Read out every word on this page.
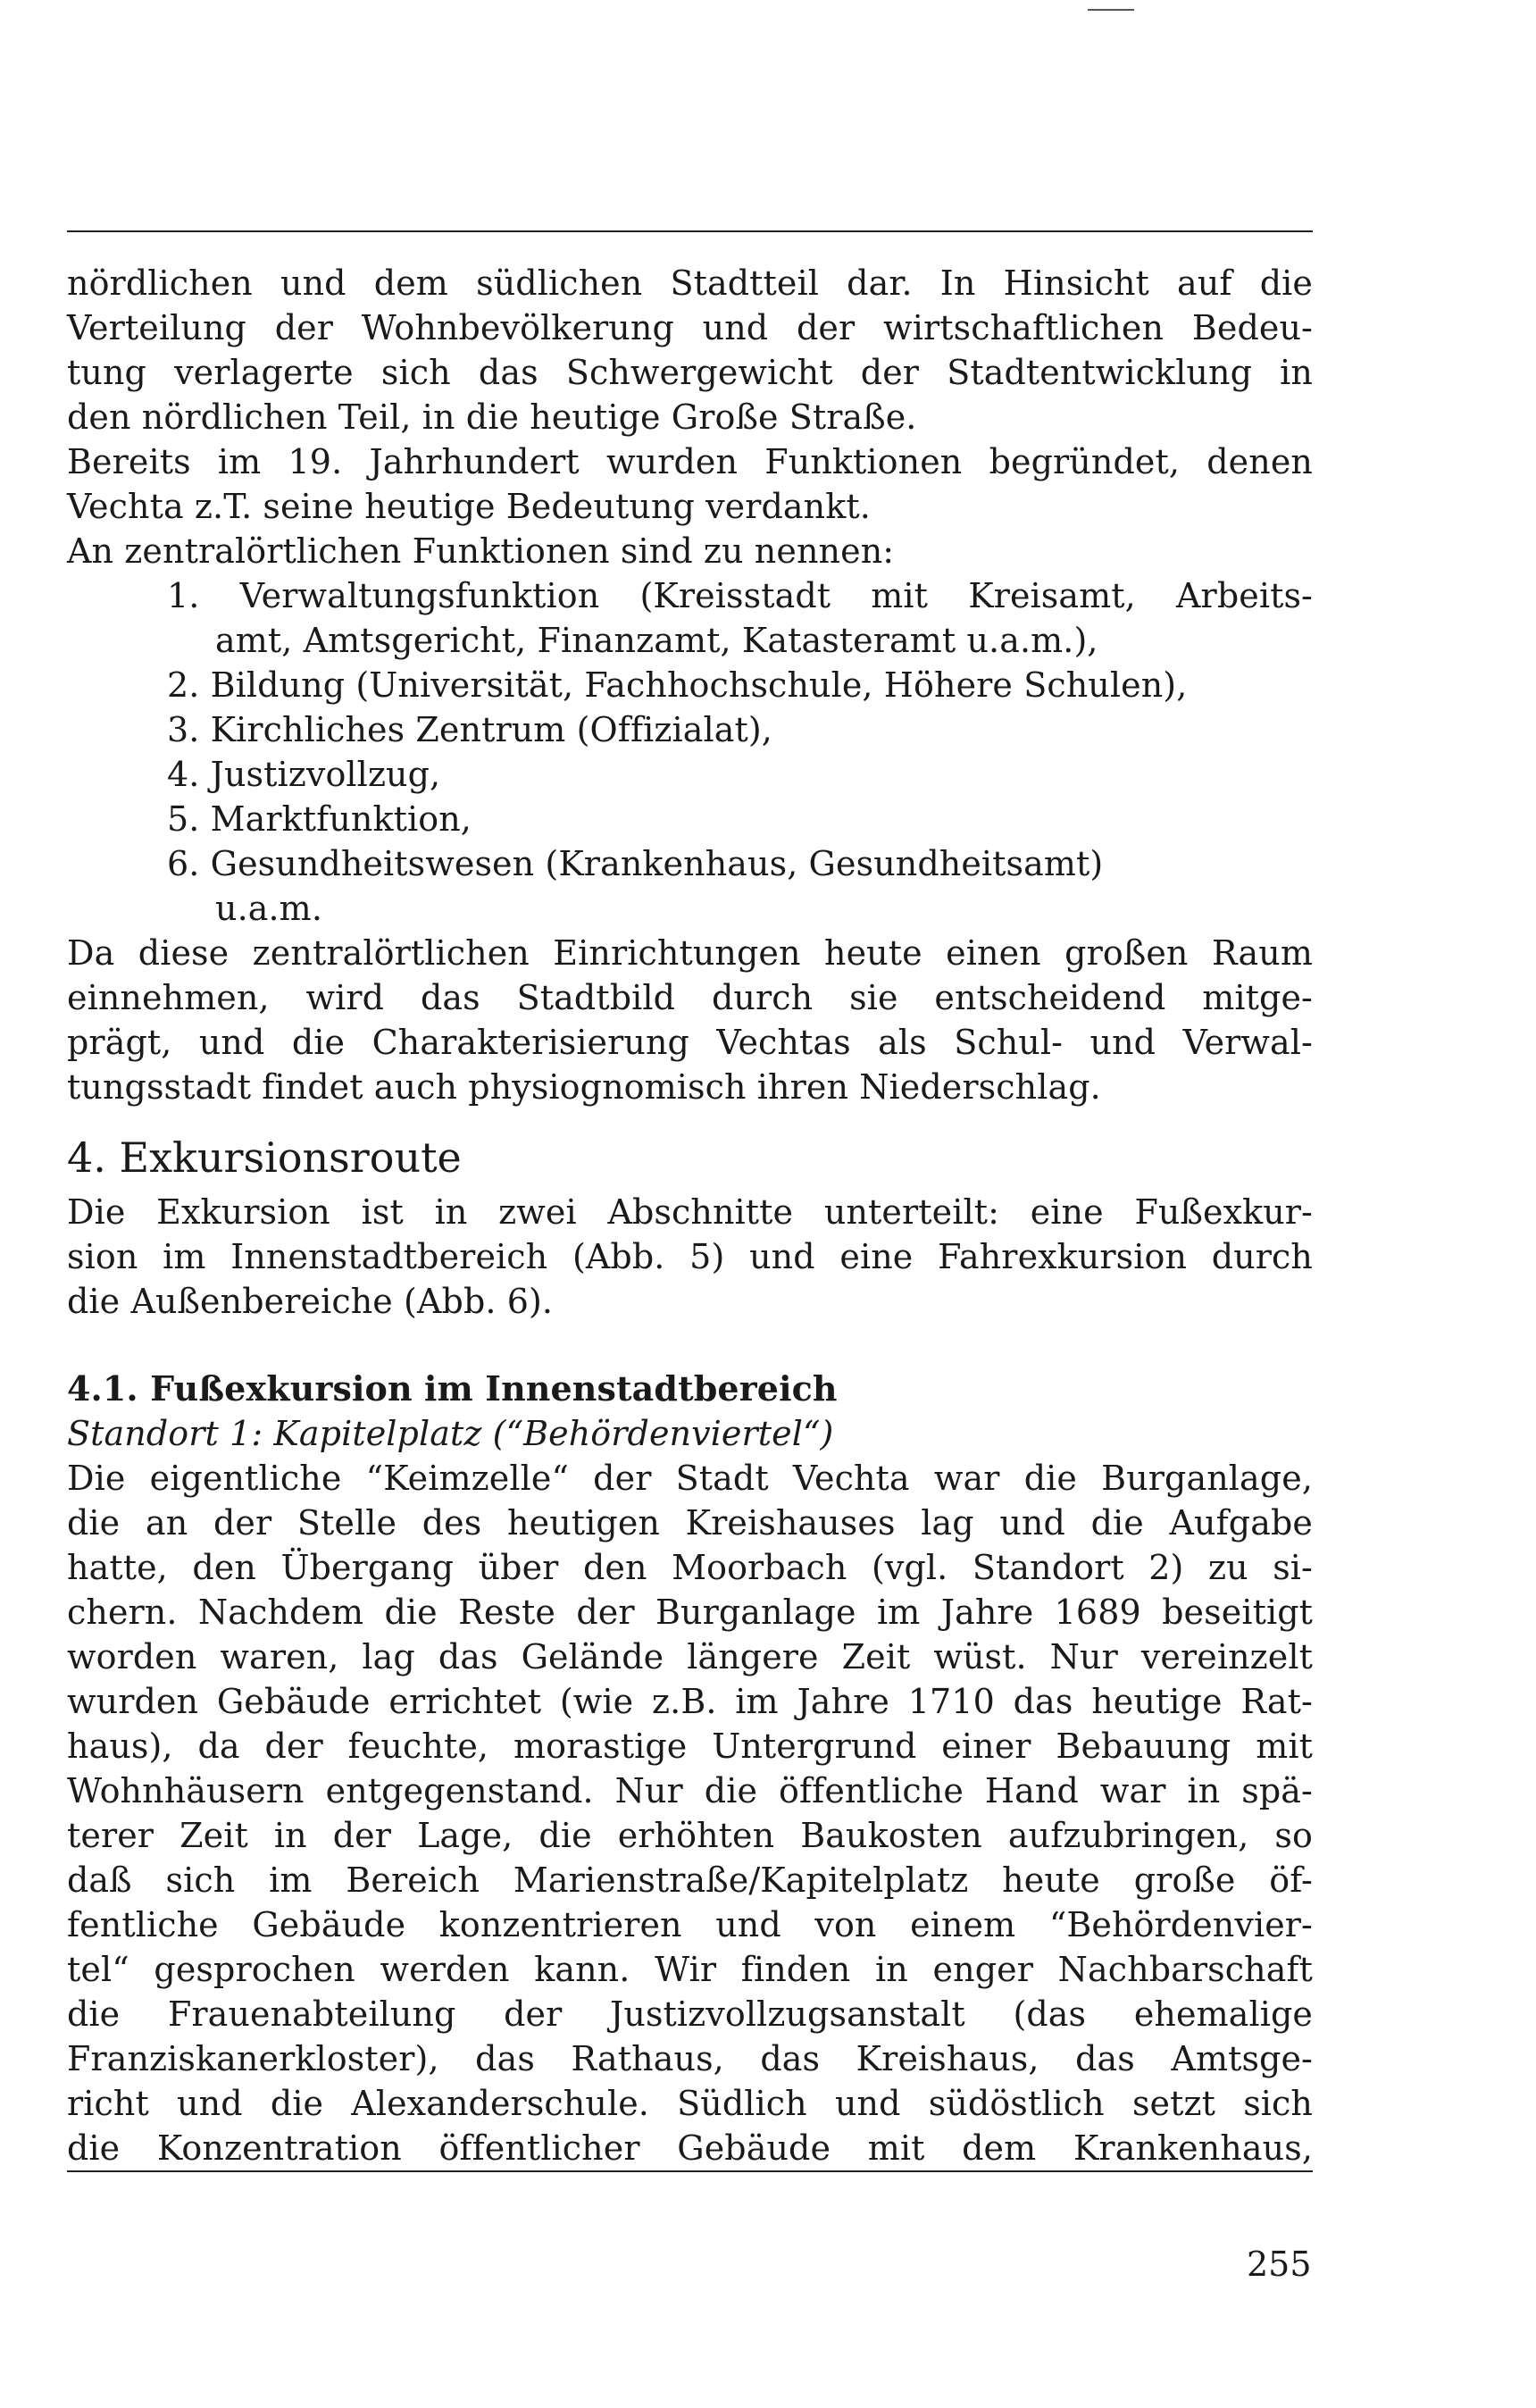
nördlichen und dem südlichen Stadtteil dar. In Hinsicht auf die
Verteilung der Wohnbevölkerung und der wirtschaftlichen Bedeu-
tung verlagerte sich das Schwergewicht der Stadtentwicklung in
den nördlichen Teil, in die heutige Große Straße.
Bereits im 19. Jahrhundert wurden Funktionen begründet, denen
Vechta z.T. seine heutige Bedeutung verdankt.
An zentralörtlichen Funktionen sind zu nennen:
1. Verwaltungsfunktion (Kreisstadt mit Kreisamt, Arbeits-
amt, Amtsgericht, Finanzamt, Katasteramt u.a.m.),
2. Bildung (Universität, Fachhochschule, Höhere Schulen),
3. Kirchliches Zentrum (Offizialat),
4. Justizvollzug,
5. Marktfunktion,
6. Gesundheitswesen (Krankenhaus, Gesundheitsamt)
u.a.m.
Da diese zentralörtlichen Einrichtungen heute einen großen Raum
einnehmen, wird das Stadtbild durch sie entscheidend mitge-
prägt, und die Charakterisierung Vechtas als Schul- und Verwal-
tungsstadt findet auch physiognomisch ihren Niederschlag.
4. Exkursionsroute
Die Exkursion ist in zwei Abschnitte unterteilt: eine Fußexkur-
sion im Innenstadtbereich (Abb. 5) und eine Fahrexkursion durch
die Außenbereiche (Abb. 6).
4.1. Fußexkursion im Innenstadtbereich
Standort 1: Kapitelplatz (“Behördenviertel“)
Die eigentliche “Keimzelle“ der Stadt Vechta war die Burganlage,
die an der Stelle des heutigen Kreishauses lag und die Aufgabe
hatte, den Übergang über den Moorbach (vgl. Standort 2) zu si-
chern. Nachdem die Reste der Burganlage im Jahre 1689 beseitigt
worden waren, lag das Gelände längere Zeit wüst. Nur vereinzelt
wurden Gebäude errichtet (wie z.B. im Jahre 1710 das heutige Rat-
haus), da der feuchte, morastige Untergrund einer Bebauung mit
Wohnhäusern entgegenstand. Nur die öffentliche Hand war in spä-
terer Zeit in der Lage, die erhöhten Baukosten aufzubringen, so
daß sich im Bereich Marienstraße/Kapitelplatz heute große öf-
fentliche Gebäude konzentrieren und von einem “Behördenvier-
tel“ gesprochen werden kann. Wir finden in enger Nachbarschaft
die Frauenabteilung der Justizvollzugsanstalt (das ehemalige
Franziskanerkloster), das Rathaus, das Kreishaus, das Amtsge-
richt und die Alexanderschule. Südlich und südöstlich setzt sich
die Konzentration öffentlicher Gebäude mit dem Krankenhaus,
255
